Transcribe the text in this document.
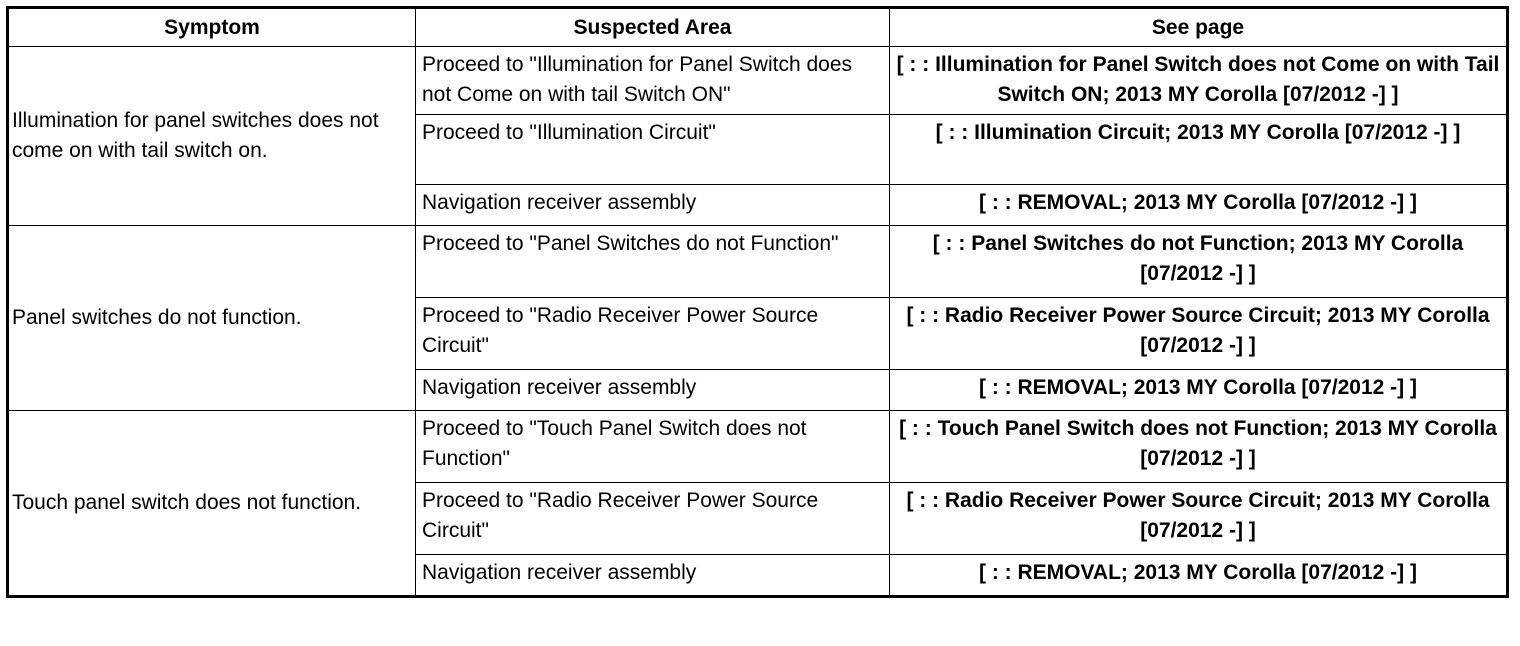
Symptom	Suspected Area	See page
Illumination for panel switches does not come on with tail switch on.	Proceed to "Illumination for Panel Switch does not Come on with tail Switch ON"	[ : : Illumination for Panel Switch does not Come on with Tail Switch ON; 2013 MY Corolla [07/2012 -] ]
	Proceed to "Illumination Circuit"	[ : : Illumination Circuit; 2013 MY Corolla [07/2012 -] ]
	Navigation receiver assembly	[ : : REMOVAL; 2013 MY Corolla [07/2012 -] ]
Panel switches do not function.	Proceed to "Panel Switches do not Function"	[ : : Panel Switches do not Function; 2013 MY Corolla [07/2012 -] ]
	Proceed to "Radio Receiver Power Source Circuit"	[ : : Radio Receiver Power Source Circuit; 2013 MY Corolla [07/2012 -] ]
	Navigation receiver assembly	[ : : REMOVAL; 2013 MY Corolla [07/2012 -] ]
Touch panel switch does not function.	Proceed to "Touch Panel Switch does not Function"	[ : : Touch Panel Switch does not Function; 2013 MY Corolla [07/2012 -] ]
	Proceed to "Radio Receiver Power Source Circuit"	[ : : Radio Receiver Power Source Circuit; 2013 MY Corolla [07/2012 -] ]
	Navigation receiver assembly	[ : : REMOVAL; 2013 MY Corolla [07/2012 -] ]
